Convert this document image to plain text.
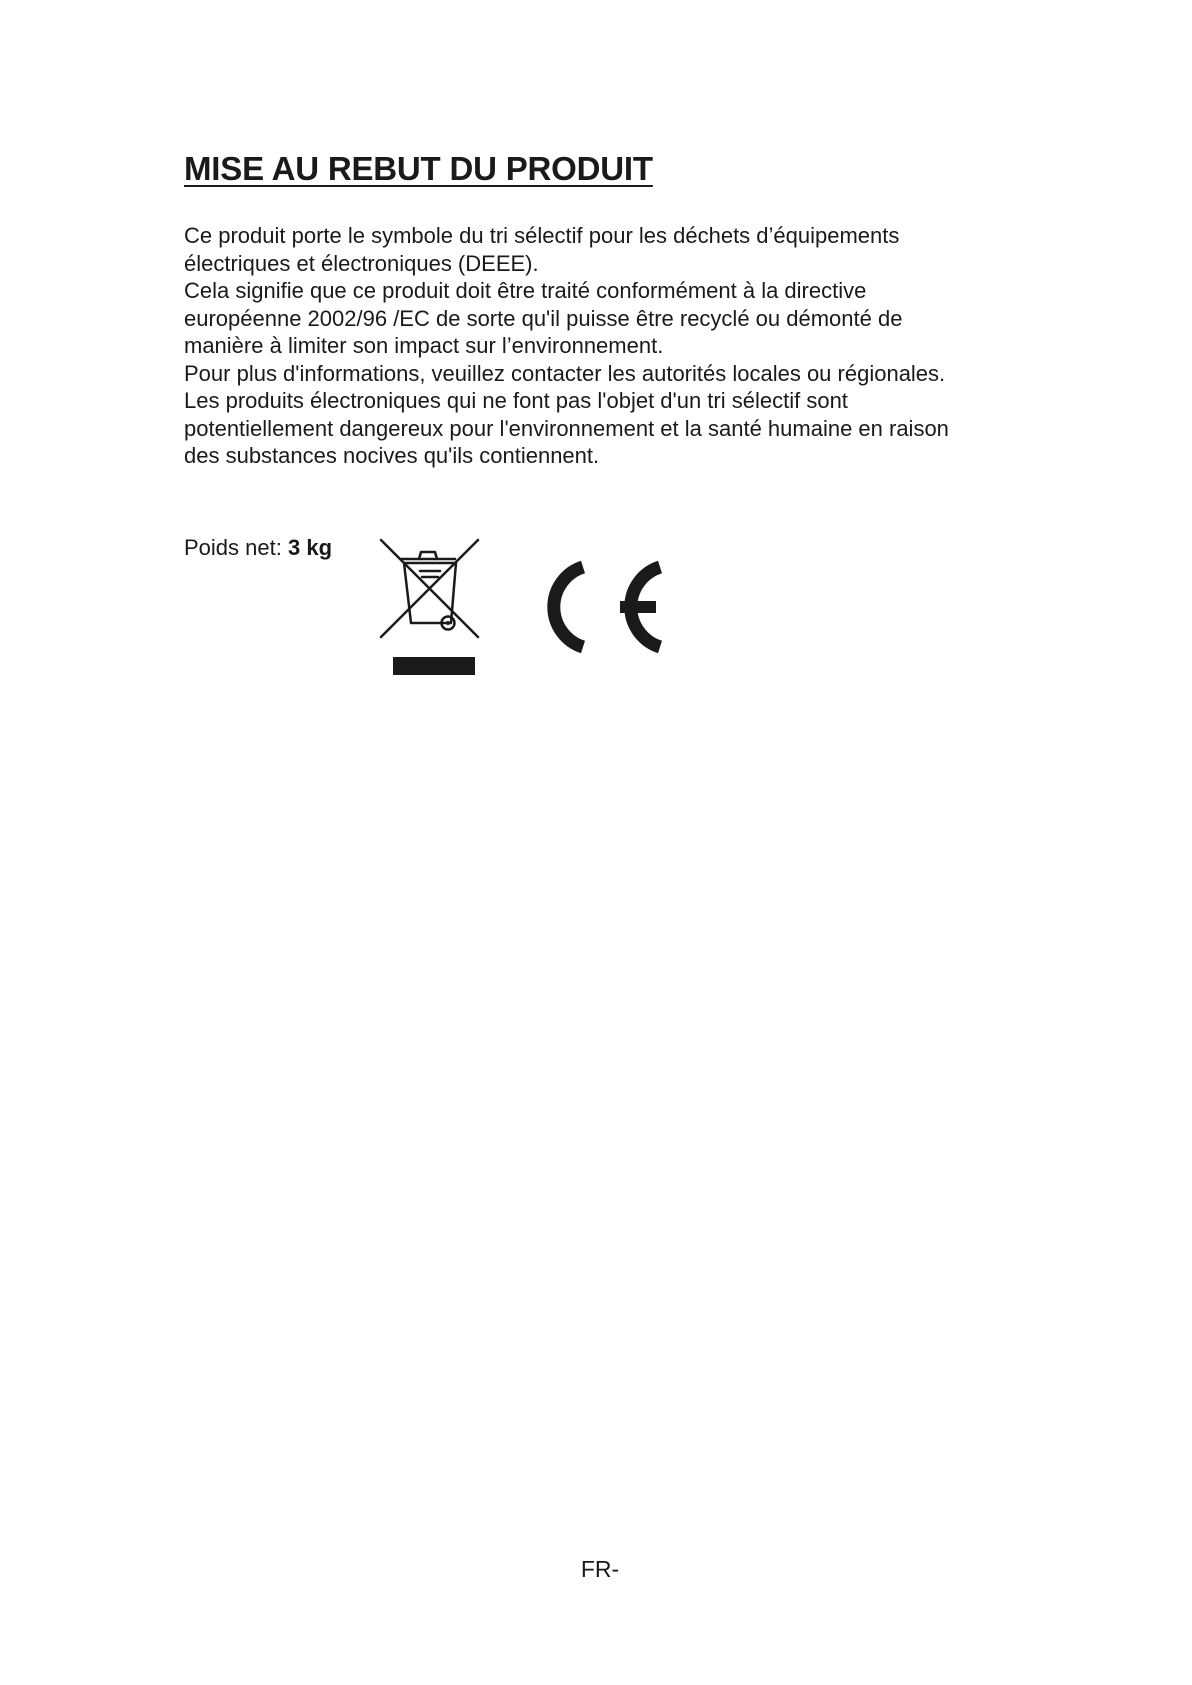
MISE AU REBUT DU PRODUIT
Ce produit porte le symbole du tri sélectif pour les déchets d’équipements
électriques et électroniques (DEEE).
Cela signifie que ce produit doit être traité conformément à la directive
européenne 2002/96 /EC de sorte qu'il puisse être recyclé ou démonté de
manière à limiter son impact sur l’environnement.
Pour plus d'informations, veuillez contacter les autorités locales ou régionales.
Les produits électroniques qui ne font pas l'objet d'un tri sélectif sont
potentiellement dangereux pour l'environnement et la santé humaine en raison
des substances nocives qu'ils contiennent.
Poids net: 3 kg
FR-
